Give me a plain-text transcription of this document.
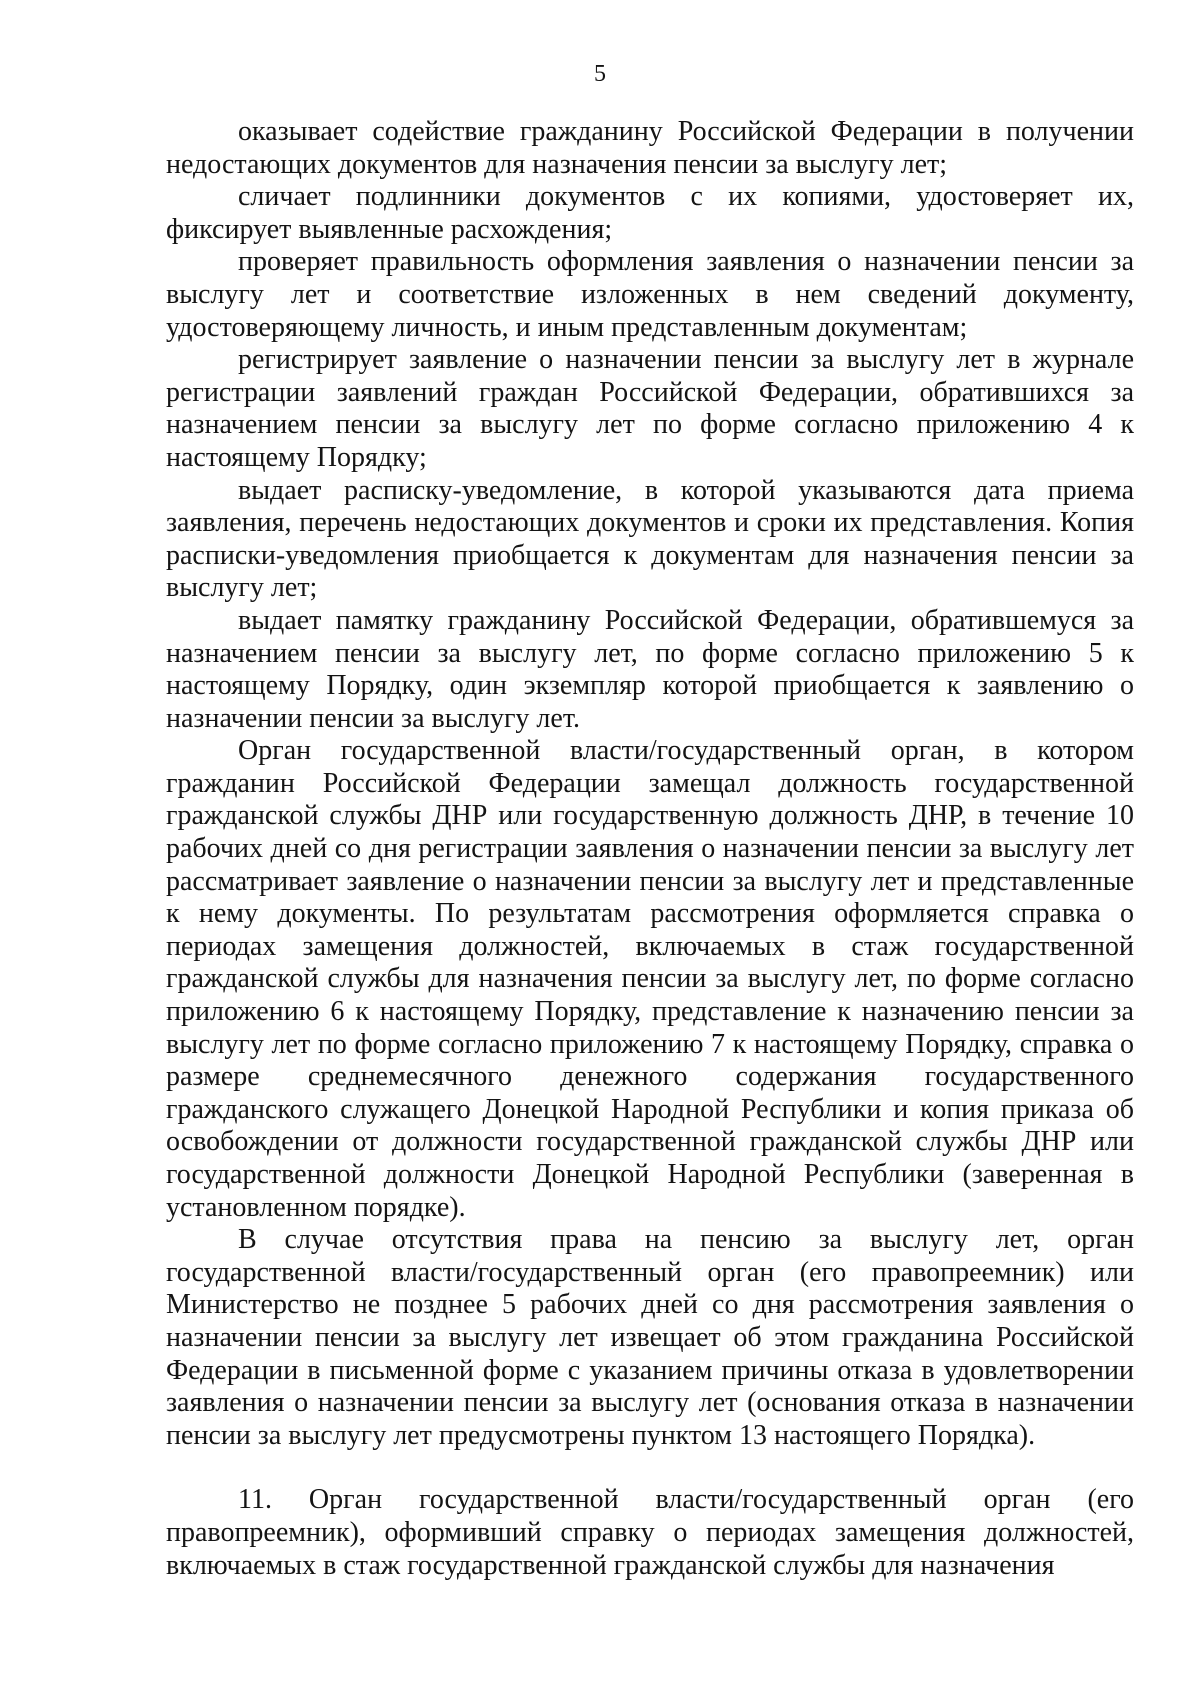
5

оказывает содействие гражданину Российской Федерации в получении недостающих документов для назначения пенсии за выслугу лет;

сличает подлинники документов с их копиями, удостоверяет их, фиксирует выявленные расхождения;

проверяет правильность оформления заявления о назначении пенсии за выслугу лет и соответствие изложенных в нем сведений документу, удостоверяющему личность, и иным представленным документам;

регистрирует заявление о назначении пенсии за выслугу лет в журнале регистрации заявлений граждан Российской Федерации, обратившихся за назначением пенсии за выслугу лет по форме согласно приложению 4 к настоящему Порядку;

выдает расписку-уведомление, в которой указываются дата приема заявления, перечень недостающих документов и сроки их представления. Копия расписки-уведомления приобщается к документам для назначения пенсии за выслугу лет;

выдает памятку гражданину Российской Федерации, обратившемуся за назначением пенсии за выслугу лет, по форме согласно приложению 5 к настоящему Порядку, один экземпляр которой приобщается к заявлению о назначении пенсии за выслугу лет.

Орган государственной власти/государственный орган, в котором гражданин Российской Федерации замещал должность государственной гражданской службы ДНР или государственную должность ДНР, в течение 10 рабочих дней со дня регистрации заявления о назначении пенсии за выслугу лет рассматривает заявление о назначении пенсии за выслугу лет и представленные к нему документы. По результатам рассмотрения оформляется справка о периодах замещения должностей, включаемых в стаж государственной гражданской службы для назначения пенсии за выслугу лет, по форме согласно приложению 6 к настоящему Порядку, представление к назначению пенсии за выслугу лет по форме согласно приложению 7 к настоящему Порядку, справка о размере среднемесячного денежного содержания государственного гражданского служащего Донецкой Народной Республики и копия приказа об освобождении от должности государственной гражданской службы ДНР или государственной должности Донецкой Народной Республики (заверенная в установленном порядке).

В случае отсутствия права на пенсию за выслугу лет, орган государственной власти/государственный орган (его правопреемник) или Министерство не позднее 5 рабочих дней со дня рассмотрения заявления о назначении пенсии за выслугу лет извещает об этом гражданина Российской Федерации в письменной форме с указанием причины отказа в удовлетворении заявления о назначении пенсии за выслугу лет (основания отказа в назначении пенсии за выслугу лет предусмотрены пунктом 13 настоящего Порядка).

11. Орган государственной власти/государственный орган (его правопреемник), оформивший справку о периодах замещения должностей, включаемых в стаж государственной гражданской службы для назначения
